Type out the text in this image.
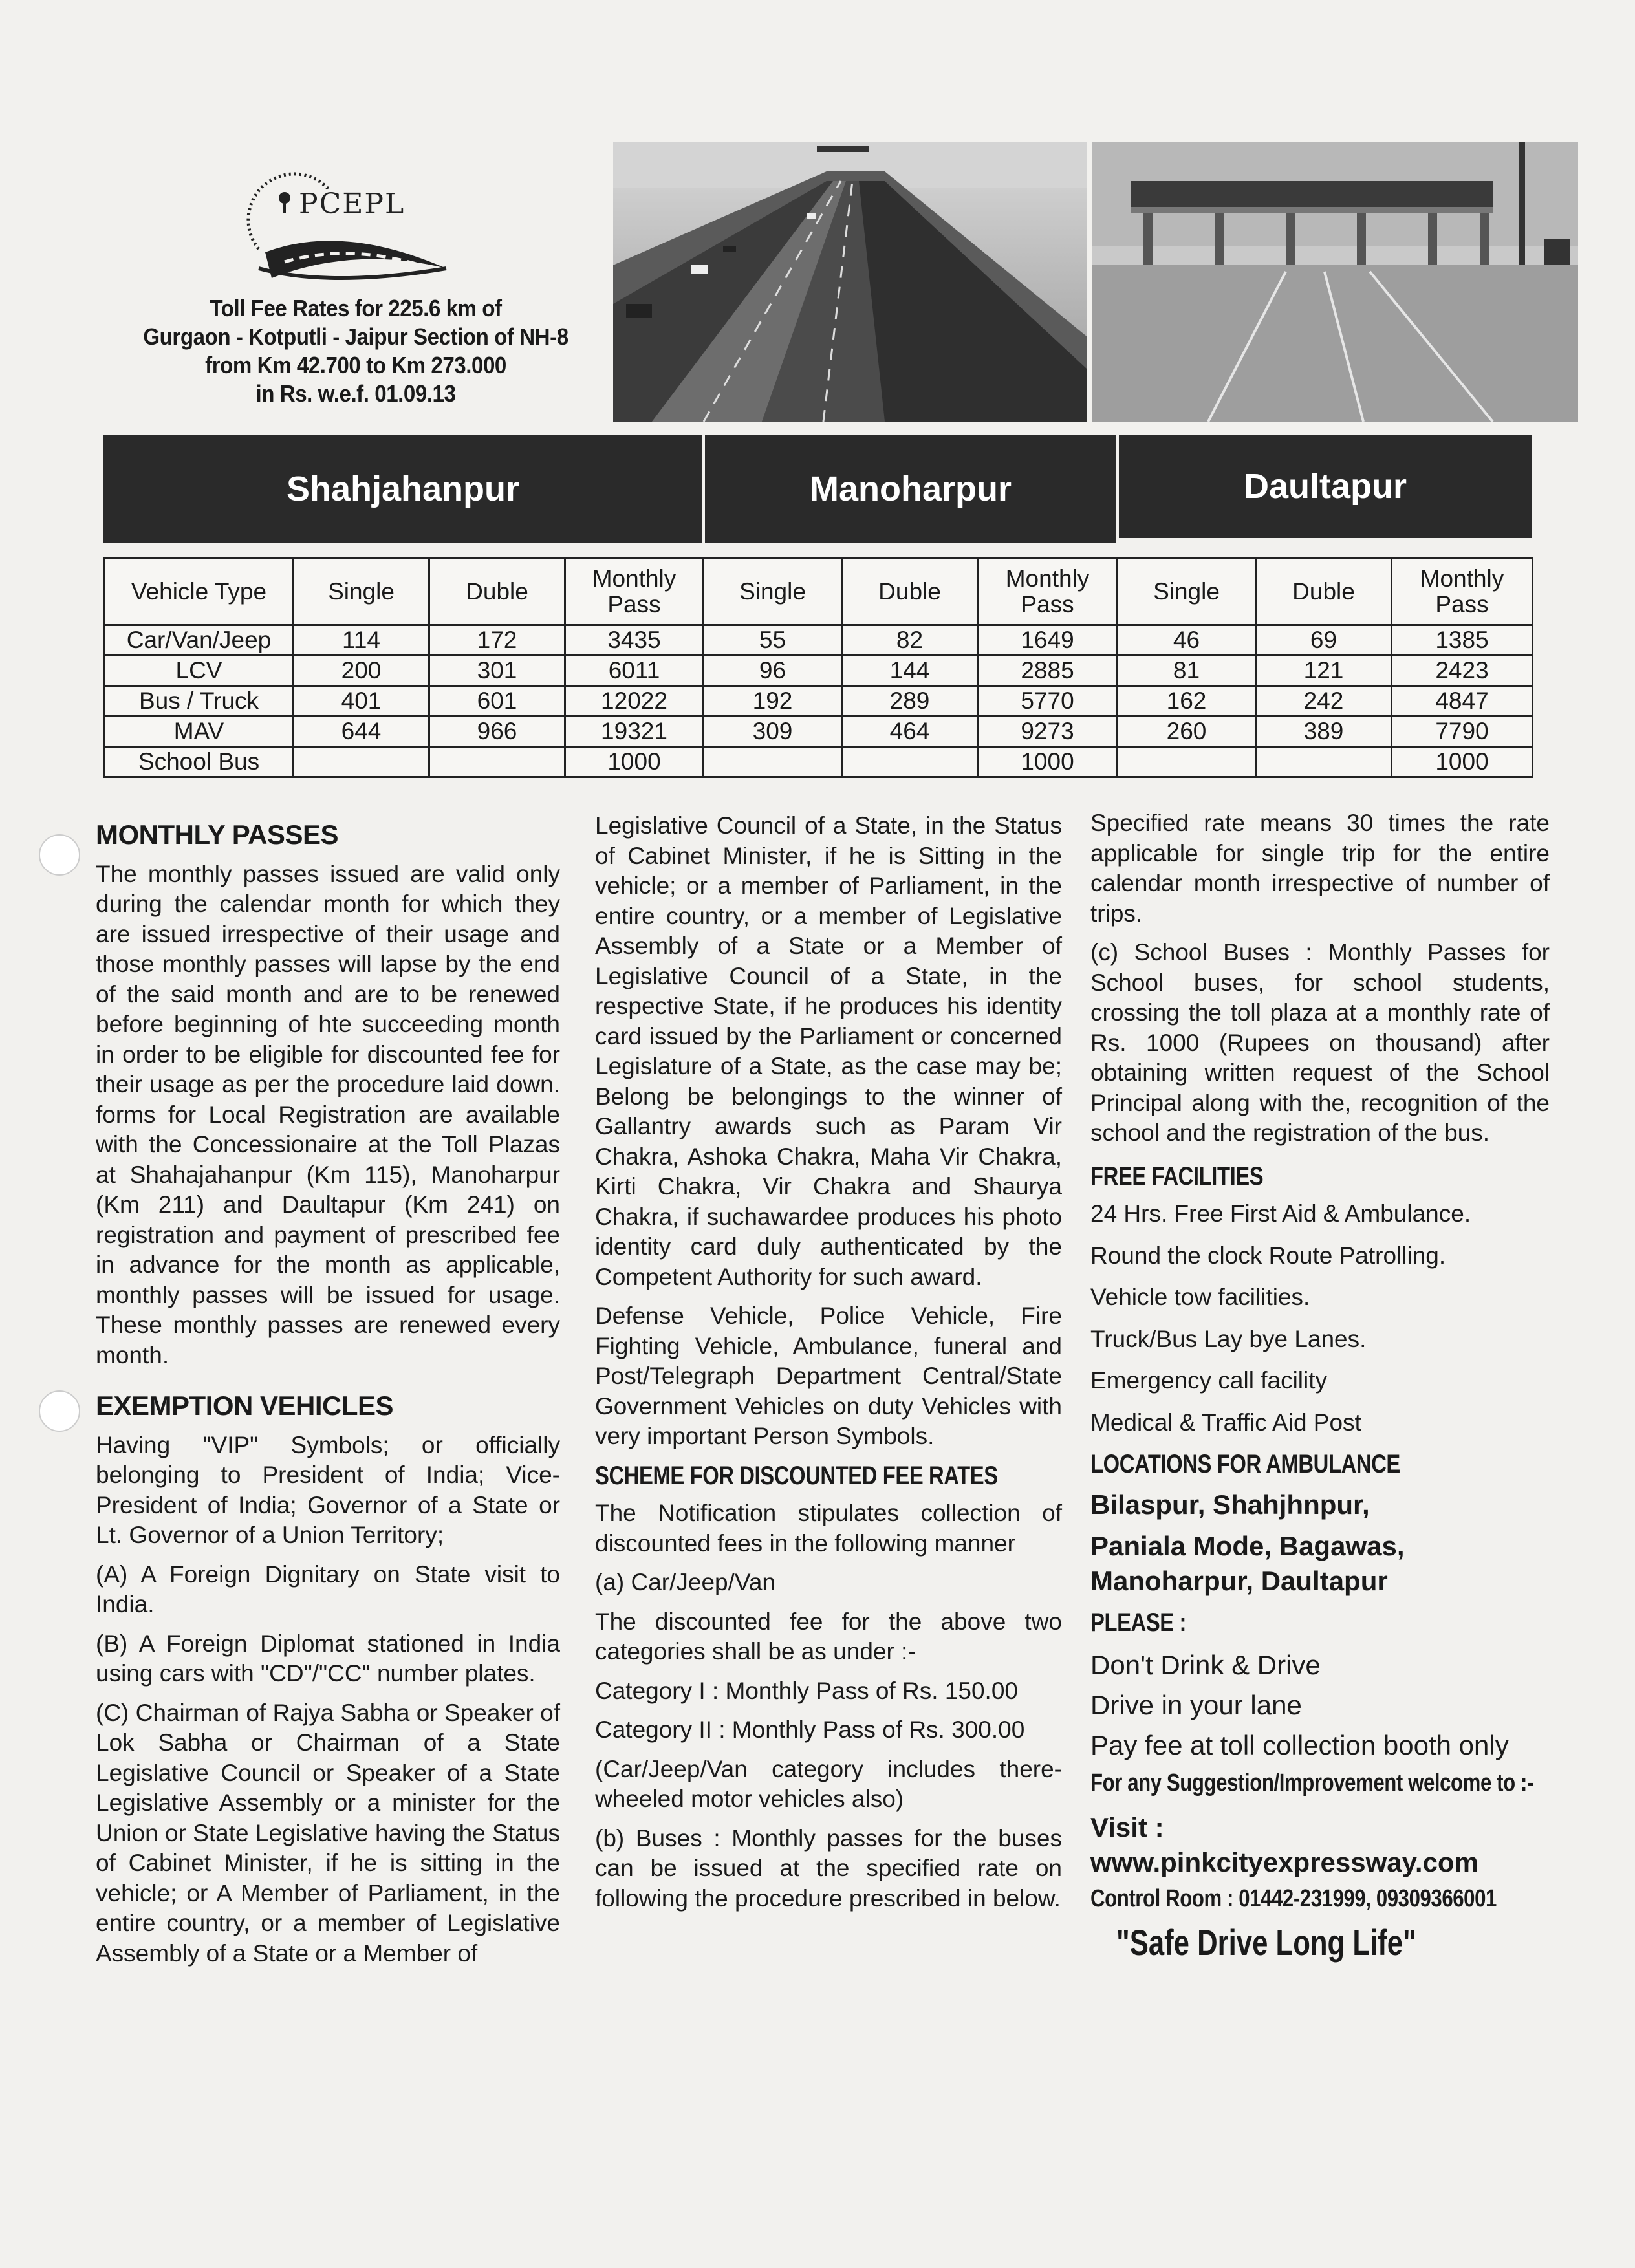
PCEPL
Toll Fee Rates for 225.6 km of
Gurgaon - Kotputli - Jaipur Section of NH-8
from Km 42.700 to Km 273.000
in Rs. w.e.f. 01.09.13
Shahjahanpur	Manoharpur	Daultapur
Vehicle Type	Single	Duble	Monthly Pass	Single	Duble	Monthly Pass	Single	Duble	Monthly Pass
Car/Van/Jeep	114	172	3435	55	82	1649	46	69	1385
LCV	200	301	6011	96	144	2885	81	121	2423
Bus / Truck	401	601	12022	192	289	5770	162	242	4847
MAV	644	966	19321	309	464	9273	260	389	7790
School Bus			1000			1000			1000
MONTHLY PASSES

The monthly passes issued are valid only during the calendar month for which they are issued irrespective of their usage and those monthly passes will lapse by the end of the said month and are to be renewed before beginning of hte succeeding month in order to be eligible for discounted fee for their usage as per the procedure laid down. forms for Local Registration are available with the Concessionaire at the Toll Plazas at Shahajahanpur (Km 115), Manoharpur (Km 211) and Daultapur (Km 241) on registration and payment of prescribed fee in advance for the month as applicable, monthly passes will be issued for usage. These monthly passes are renewed every month.

EXEMPTION VEHICLES

Having "VIP" Symbols; or officially belonging to President of India; Vice-President of India; Governor of a State or Lt. Governor of a Union Territory;

(A) A Foreign Dignitary on State visit to India.

(B) A Foreign Diplomat stationed in India using cars with "CD"/"CC" number plates.

(C) Chairman of Rajya Sabha or Speaker of Lok Sabha or Chairman of a State Legislative Council or Speaker of a State Legislative Assembly or a minister for the Union or State Legislative having the Status of Cabinet Minister, if he is sitting in the vehicle; or A Member of Parliament, in the entire country, or a member of Legislative Assembly of a State or a Member of

Legislative Council of a State, in the Status of Cabinet Minister, if he is Sitting in the vehicle; or a member of Parliament, in the entire country, or a member of Legislative Assembly of a State or a Member of Legislative Council of a State, in the respective State, if he produces his identity card issued by the Parliament or concerned Legislature of a State, as the case may be; Belong be belongings to the winner of Gallantry awards such as Param Vir Chakra, Ashoka Chakra, Maha Vir Chakra, Kirti Chakra, Vir Chakra and Shaurya Chakra, if suchawardee produces his photo identity card duly authenticated by the Competent Authority for such award.

Defense Vehicle, Police Vehicle, Fire Fighting Vehicle, Ambulance, funeral and Post/Telegraph Department Central/State Government Vehicles on duty Vehicles with very important Person Symbols.

SCHEME FOR DISCOUNTED FEE RATES

The Notification stipulates collection of discounted fees in the following manner

(a) Car/Jeep/Van

The discounted fee for the above two categories shall be as under :-

Category I : Monthly Pass of Rs. 150.00

Category II : Monthly Pass of Rs. 300.00

(Car/Jeep/Van category includes there-wheeled motor vehicles also)

(b) Buses : Monthly passes for the buses can be issued at the specified rate on following the procedure prescribed in below.

Specified rate means 30 times the rate applicable for single trip for the entire calendar month irrespective of number of trips.

(c) School Buses : Monthly Passes for School buses, for school students, crossing the toll plaza at a monthly rate of Rs. 1000 (Rupees on thousand) after obtaining written request of the School Principal along with the, recognition of the school and the registration of the bus.

FREE FACILITIES
24 Hrs. Free First Aid & Ambulance.
Round the clock Route Patrolling.
Vehicle tow facilities.
Truck/Bus Lay bye Lanes.
Emergency call facility
Medical & Traffic Aid Post
LOCATIONS FOR AMBULANCE
Bilaspur, Shahjhnpur,
Paniala Mode, Bagawas,
Manoharpur, Daultapur
PLEASE :
Don't Drink & Drive
Drive in your lane
Pay fee at toll collection booth only
For any Suggestion/Improvement welcome to :-
Visit : www.pinkcityexpressway.com
Control Room : 01442-231999, 09309366001
"Safe Drive Long Life"
